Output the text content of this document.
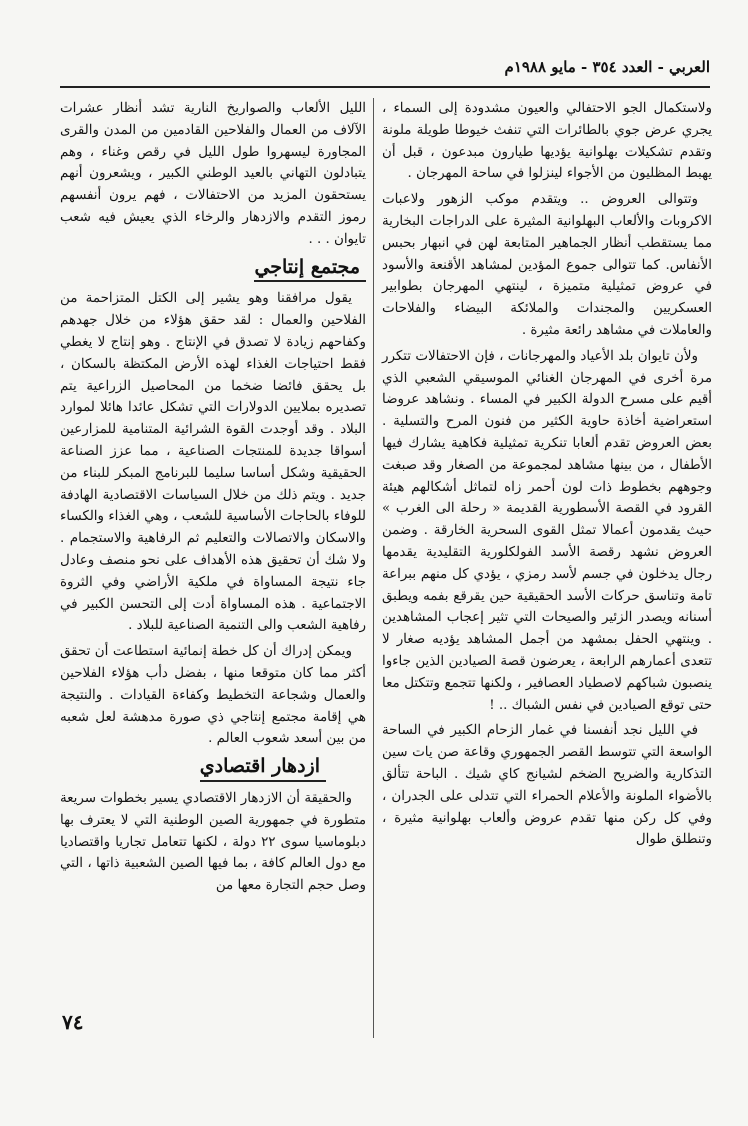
العربي - العدد ٣٥٤ - مايو ١٩٨٨م

ولاستكمال الجو الاحتفالي والعيون مشدودة إلى السماء ، يجري عرض جوي بالطائرات التي تنفث خيوطا طويلة ملونة وتقدم تشكيلات بهلوانية يؤديها طيارون مبدعون ، قبل أن يهبط المظليون من الأجواء لينزلوا في ساحة المهرجان .

وتتوالى العروض .. ويتقدم موكب الزهور ولاعبات الاكروبات والألعاب البهلوانية المثيرة على الدراجات البخارية مما يستقطب أنظار الجماهير المتابعة لهن في انبهار بحبس الأنفاس. كما تتوالى جموع المؤدين لمشاهد الأقنعة والأسود في عروض تمثيلية متميزة ، لينتهي المهرجان بطوابير العسكريين والمجندات والملائكة البيضاء والفلاحات والعاملات في مشاهد رائعة مثيرة .

ولأن تايوان بلد الأعياد والمهرجانات ، فإن الاحتفالات تتكرر مرة أخرى في المهرجان الغنائي الموسيقي الشعبي الذي أقيم على مسرح الدولة الكبير في المساء . ونشاهد عروضا استعراضية أخاذة حاوية الكثير من فنون المرح والتسلية . بعض العروض تقدم ألعابا تنكرية تمثيلية فكاهية يشارك فيها الأطفال ، من بينها مشاهد لمجموعة من الصغار وقد صبغت وجوههم بخطوط ذات لون أحمر زاه لتماثل أشكالهم هيئة القرود في القصة الأسطورية القديمة « رحلة الى الغرب » حيث يقدمون أعمالا تمثل القوى السحرية الخارقة . وضمن العروض نشهد رقصة الأسد الفولكلورية التقليدية يقدمها رجال يدخلون في جسم لأسد رمزي ، يؤدي كل منهم ببراعة تامة وتناسق حركات الأسد الحقيقية حين يقرقع بفمه ويطبق أسنانه ويصدر الزئير والصيحات التي تثير إعجاب المشاهدين . وينتهي الحفل بمشهد من أجمل المشاهد يؤديه صغار لا تتعدى أعمارهم الرابعة ، يعرضون قصة الصيادين الذين جاءوا ينصبون شباكهم لاصطياد العصافير ، ولكنها تتجمع وتتكتل معا حتى توقع الصيادين في نفس الشباك .. !

في الليل نجد أنفسنا في غمار الزحام الكبير في الساحة الواسعة التي تتوسط القصر الجمهوري وقاعة صن يات سين التذكارية والضريح الضخم لشيانج كاي شيك . الباحة تتألق بالأضواء الملونة والأعلام الحمراء التي تتدلى على الجدران ، وفي كل ركن منها تقدم عروض وألعاب بهلوانية مثيرة ، وتنطلق طوال

الليل الألعاب والصواريخ النارية تشد أنظار عشرات الآلاف من العمال والفلاحين القادمين من المدن والقرى المجاورة ليسهروا طول الليل في رقص وغناء ، وهم يتبادلون التهاني بالعيد الوطني الكبير ، ويشعرون أنهم يستحقون المزيد من الاحتفالات ، فهم يرون أنفسهم رموز التقدم والازدهار والرخاء الذي يعيش فيه شعب تايوان . . .

مجتمع إنتاجي

يقول مرافقنا وهو يشير إلى الكتل المتزاحمة من الفلاحين والعمال : لقد حقق هؤلاء من خلال جهدهم وكفاحهم زيادة لا تصدق في الإنتاج . وهو إنتاج لا يغطي فقط احتياجات الغذاء لهذه الأرض المكتظة بالسكان ، بل يحقق فائضا ضخما من المحاصيل الزراعية يتم تصديره بملايين الدولارات التي تشكل عائدا هائلا لموارد البلاد . وقد أوجدت القوة الشرائية المتنامية للمزارعين أسواقا جديدة للمنتجات الصناعية ، مما عزز الصناعة الحقيقية وشكل أساسا سليما للبرنامج المبكر للبناء من جديد . ويتم ذلك من خلال السياسات الاقتصادية الهادفة للوفاء بالحاجات الأساسية للشعب ، وهي الغذاء والكساء والاسكان والاتصالات والتعليم ثم الرفاهية والاستجمام . ولا شك أن تحقيق هذه الأهداف على نحو منصف وعادل جاء نتيجة المساواة في ملكية الأراضي وفي الثروة الاجتماعية . هذه المساواة أدت إلى التحسن الكبير في رفاهية الشعب والى التنمية الصناعية للبلاد .

ويمكن إدراك أن كل خطة إنمائية استطاعت أن تحقق أكثر مما كان متوقعا منها ، بفضل دأب هؤلاء الفلاحين والعمال وشجاعة التخطيط وكفاءة القيادات . والنتيجة هي إقامة مجتمع إنتاجي ذي صورة مدهشة لعل شعبه من بين أسعد شعوب العالم .

ازدهار اقتصادي

والحقيقة أن الازدهار الاقتصادي يسير بخطوات سريعة متطورة في جمهورية الصين الوطنية التي لا يعترف بها دبلوماسيا سوى ٢٢ دولة ، لكنها تتعامل تجاريا واقتصاديا مع دول العالم كافة ، بما فيها الصين الشعبية ذاتها ، التي وصل حجم التجارة معها من

٧٤
